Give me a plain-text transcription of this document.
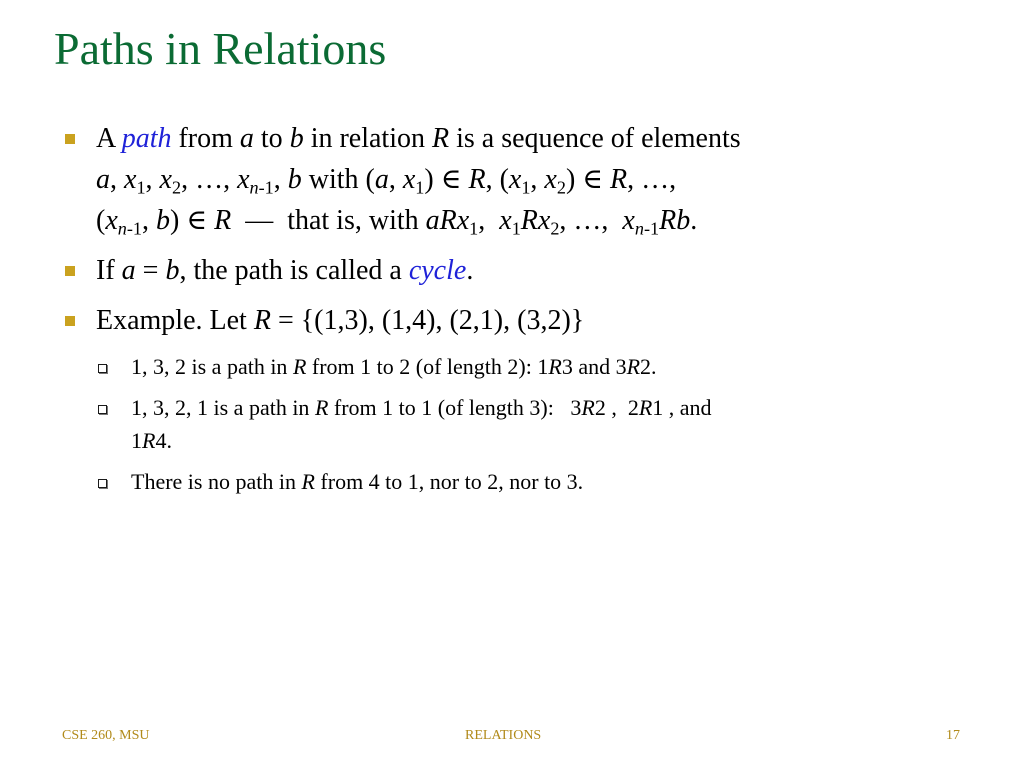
Paths in Relations
A path from a to b in relation R is a sequence of elements
a, $x_1$, $x_2$, …, $x_{n-1}$, b with (a, $x_1$) ∈ R, ($x_1$, $x_2$) ∈ R, …,
($x_{n-1}$, b) ∈ R  —  that is, with aRx$_1$,  $x_1Rx_2$, …,  $x_{n-1}Rb$.
If a = b, the path is called a cycle.
Example. Let R = {(1,3), (1,4), (2,1), (3,2)}
1, 3, 2 is a path in R from 1 to 2 (of length 2): 1R3 and 3R2.
1, 3, 2, 1 is a path in R from 1 to 1 (of length 3):   3R2 ,  2R1 , and
1R4.
There is no path in R from 4 to 1, nor to 2, nor to 3.
CSE 260, MSU	RELATIONS	17
